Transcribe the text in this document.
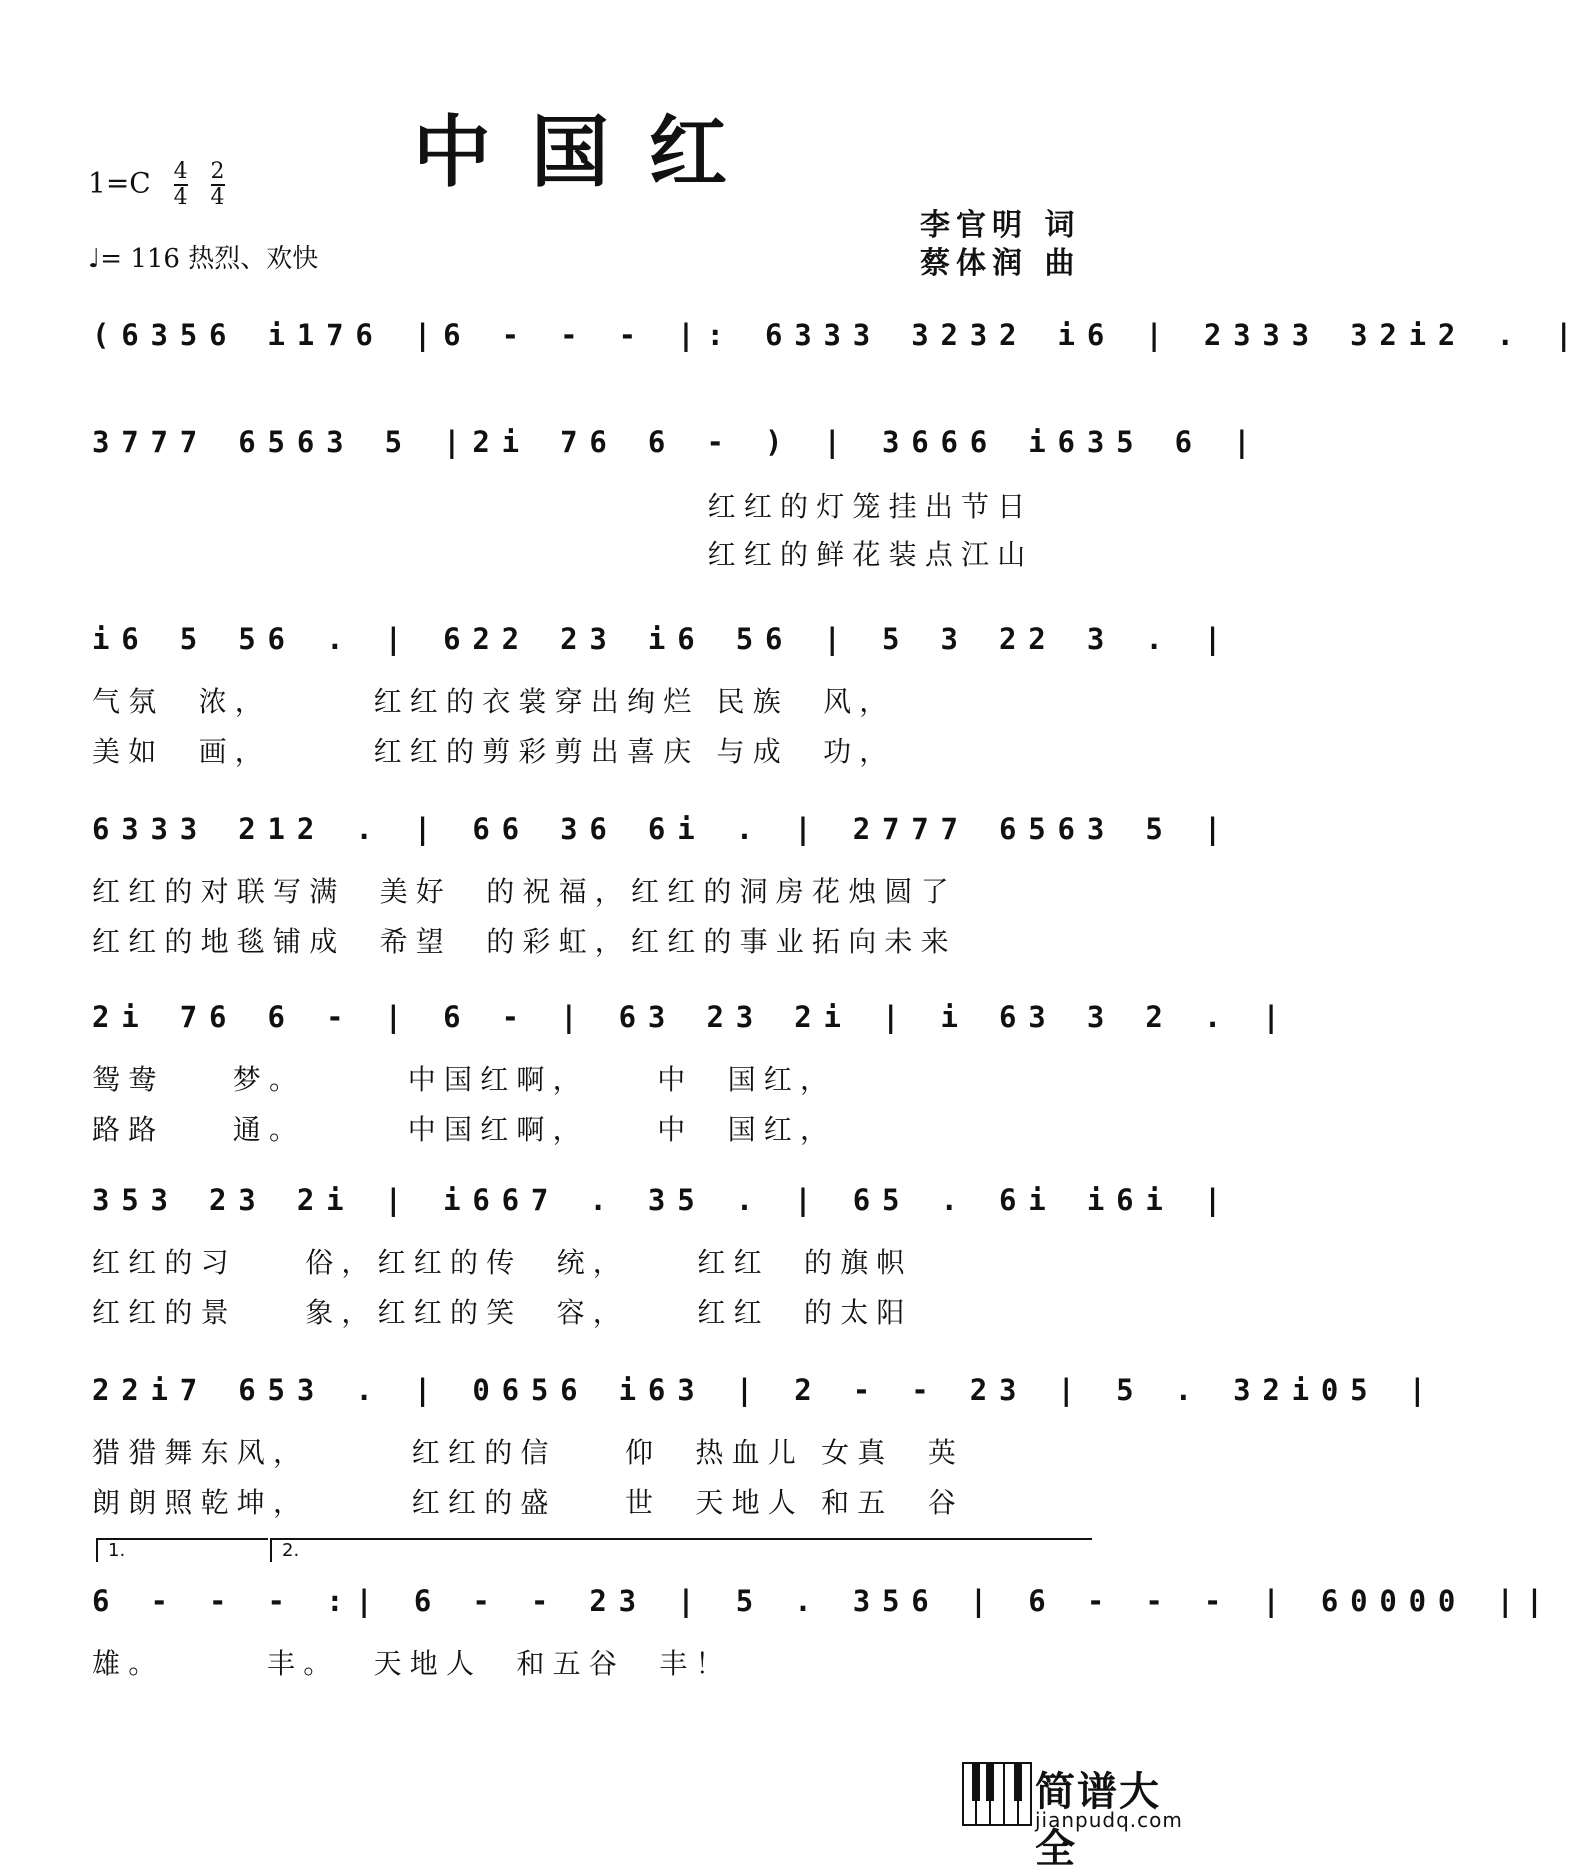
中国红
$1=C \frac{4}{4}$
$\frac{2}{4}$
♩= 116 热烈、欢快
李官明 词
蔡体润 曲
(6356 i176 |6 - - - |: 6333 3232 i6 | 2333 32i2 . |
3777 6563 5 |2i 76 6 - ) | 3666 i635 6 |
红红的灯笼挂出节日
红红的鲜花装点江山
i6 5 56 . | 622 23 i6 56 | 5 3 22 3 . |
气氛  浓，      红红的衣裳穿出绚烂 民族  风，
美如  画，      红红的剪彩剪出喜庆 与成  功，
6333 212 . | 66 36 6i . | 2777 6563 5 |
红红的对联写满  美好  的祝福，红红的洞房花烛圆了
红红的地毯铺成  希望  的彩虹，红红的事业拓向未来
2i 76 6 - | 6 - | 63 23 2i | i 63 3 2 . |
鸳鸯    梦。      中国红啊，    中  国红，
路路    通。      中国红啊，    中  国红，
353 23 2i | i667 . 35 . | 65 . 6i i6i |
红红的习    俗，红红的传  统，    红红  的旗帜
红红的景    象，红红的笑  容，    红红  的太阳
22i7 653 . | 0656 i63 | 2 - - 23 | 5 . 32i05 |
猎猎舞东风，      红红的信    仰  热血儿 女真  英
朗朗照乾坤，      红红的盛    世  天地人 和五  谷
1.	2.
6 - - - :| 6 - - 23 | 5 . 356 | 6 - - - | 60000 ||
雄。      丰。  天地人  和五谷  丰！
简谱大全
jianpudq.com
